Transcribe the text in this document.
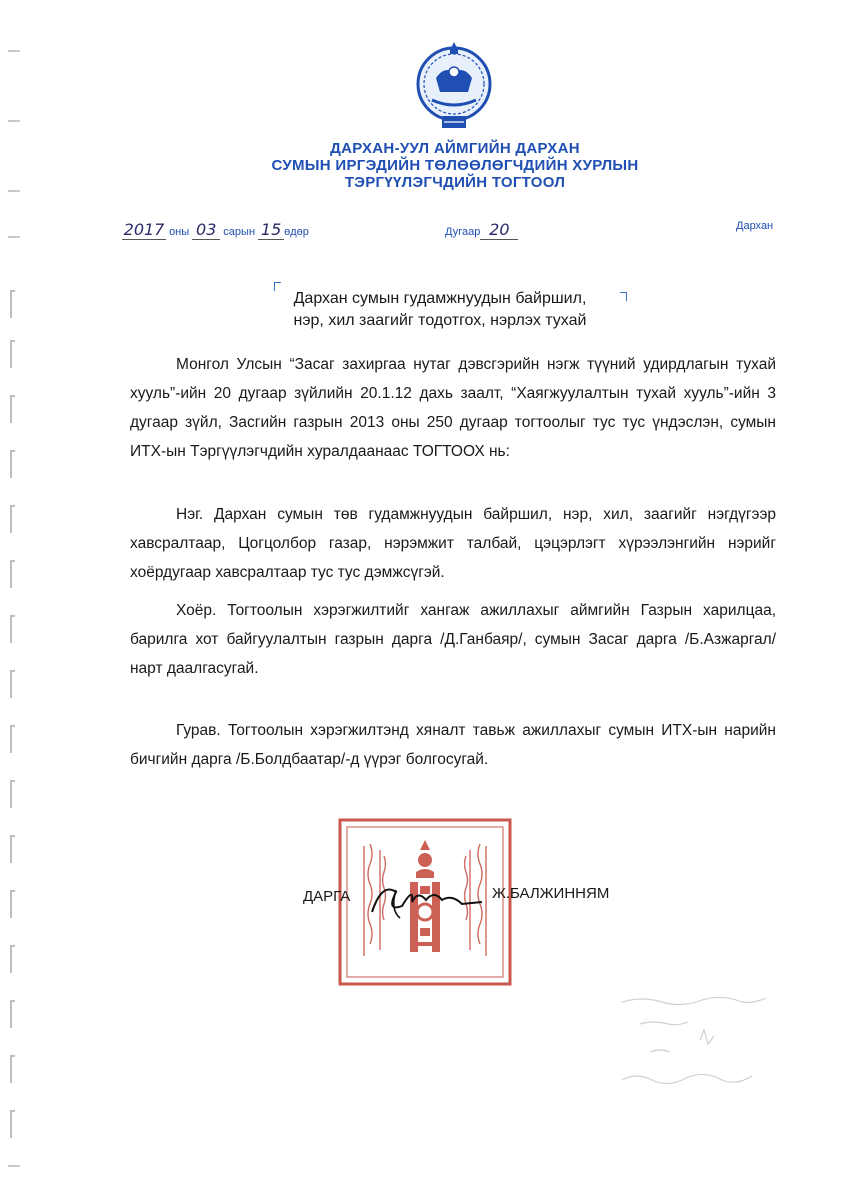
ДАРХАН-УУЛ АЙМГИЙН ДАРХАН
СУМЫН ИРГЭДИЙН ТӨЛӨӨЛӨГЧДИЙН ХУРЛЫН
ТЭРГҮҮЛЭГЧДИЙН ТОГТООЛ
2017 оны 03 сарын 15 өдөр	Дугаар 20	Дархан
Дархан сумын гудамжнуудын байршил,
нэр, хил заагийг тодотгох, нэрлэх тухай
Монгол Улсын “Засаг захиргаа нутаг дэвсгэрийн нэгж түүний удирдлагын тухай хууль”-ийн 20 дугаар зүйлийн 20.1.12 дахь заалт, “Хаягжуулалтын тухай хууль”-ийн 3 дугаар зүйл, Засгийн газрын 2013 оны 250 дугаар тогтоолыг тус тус үндэслэн, сумын ИТХ-ын Тэргүүлэгчдийн хуралдаанаас ТОГТООХ нь:
Нэг. Дархан сумын төв гудамжнуудын байршил, нэр, хил, заагийг нэгдүгээр хавсралтаар, Цогцолбор газар, нэрэмжит талбай, цэцэрлэгт хүрээлэнгийн нэрийг хоёрдугаар хавсралтаар тус тус дэмжсүгэй.
Хоёр. Тогтоолын хэрэгжилтийг хангаж ажиллахыг аймгийн Газрын харилцаа, барилга хот байгуулалтын газрын дарга /Д.Ганбаяр/, сумын Засаг дарга /Б.Азжаргал/ нарт даалгасугай.
Гурав. Тогтоолын хэрэгжилтэнд хяналт тавьж ажиллахыг сумын ИТХ-ын нарийн бичгийн дарга /Б.Болдбаатар/-д үүрэг болгосугай.
ДАРГА	Ж.БАЛЖИННЯМ
